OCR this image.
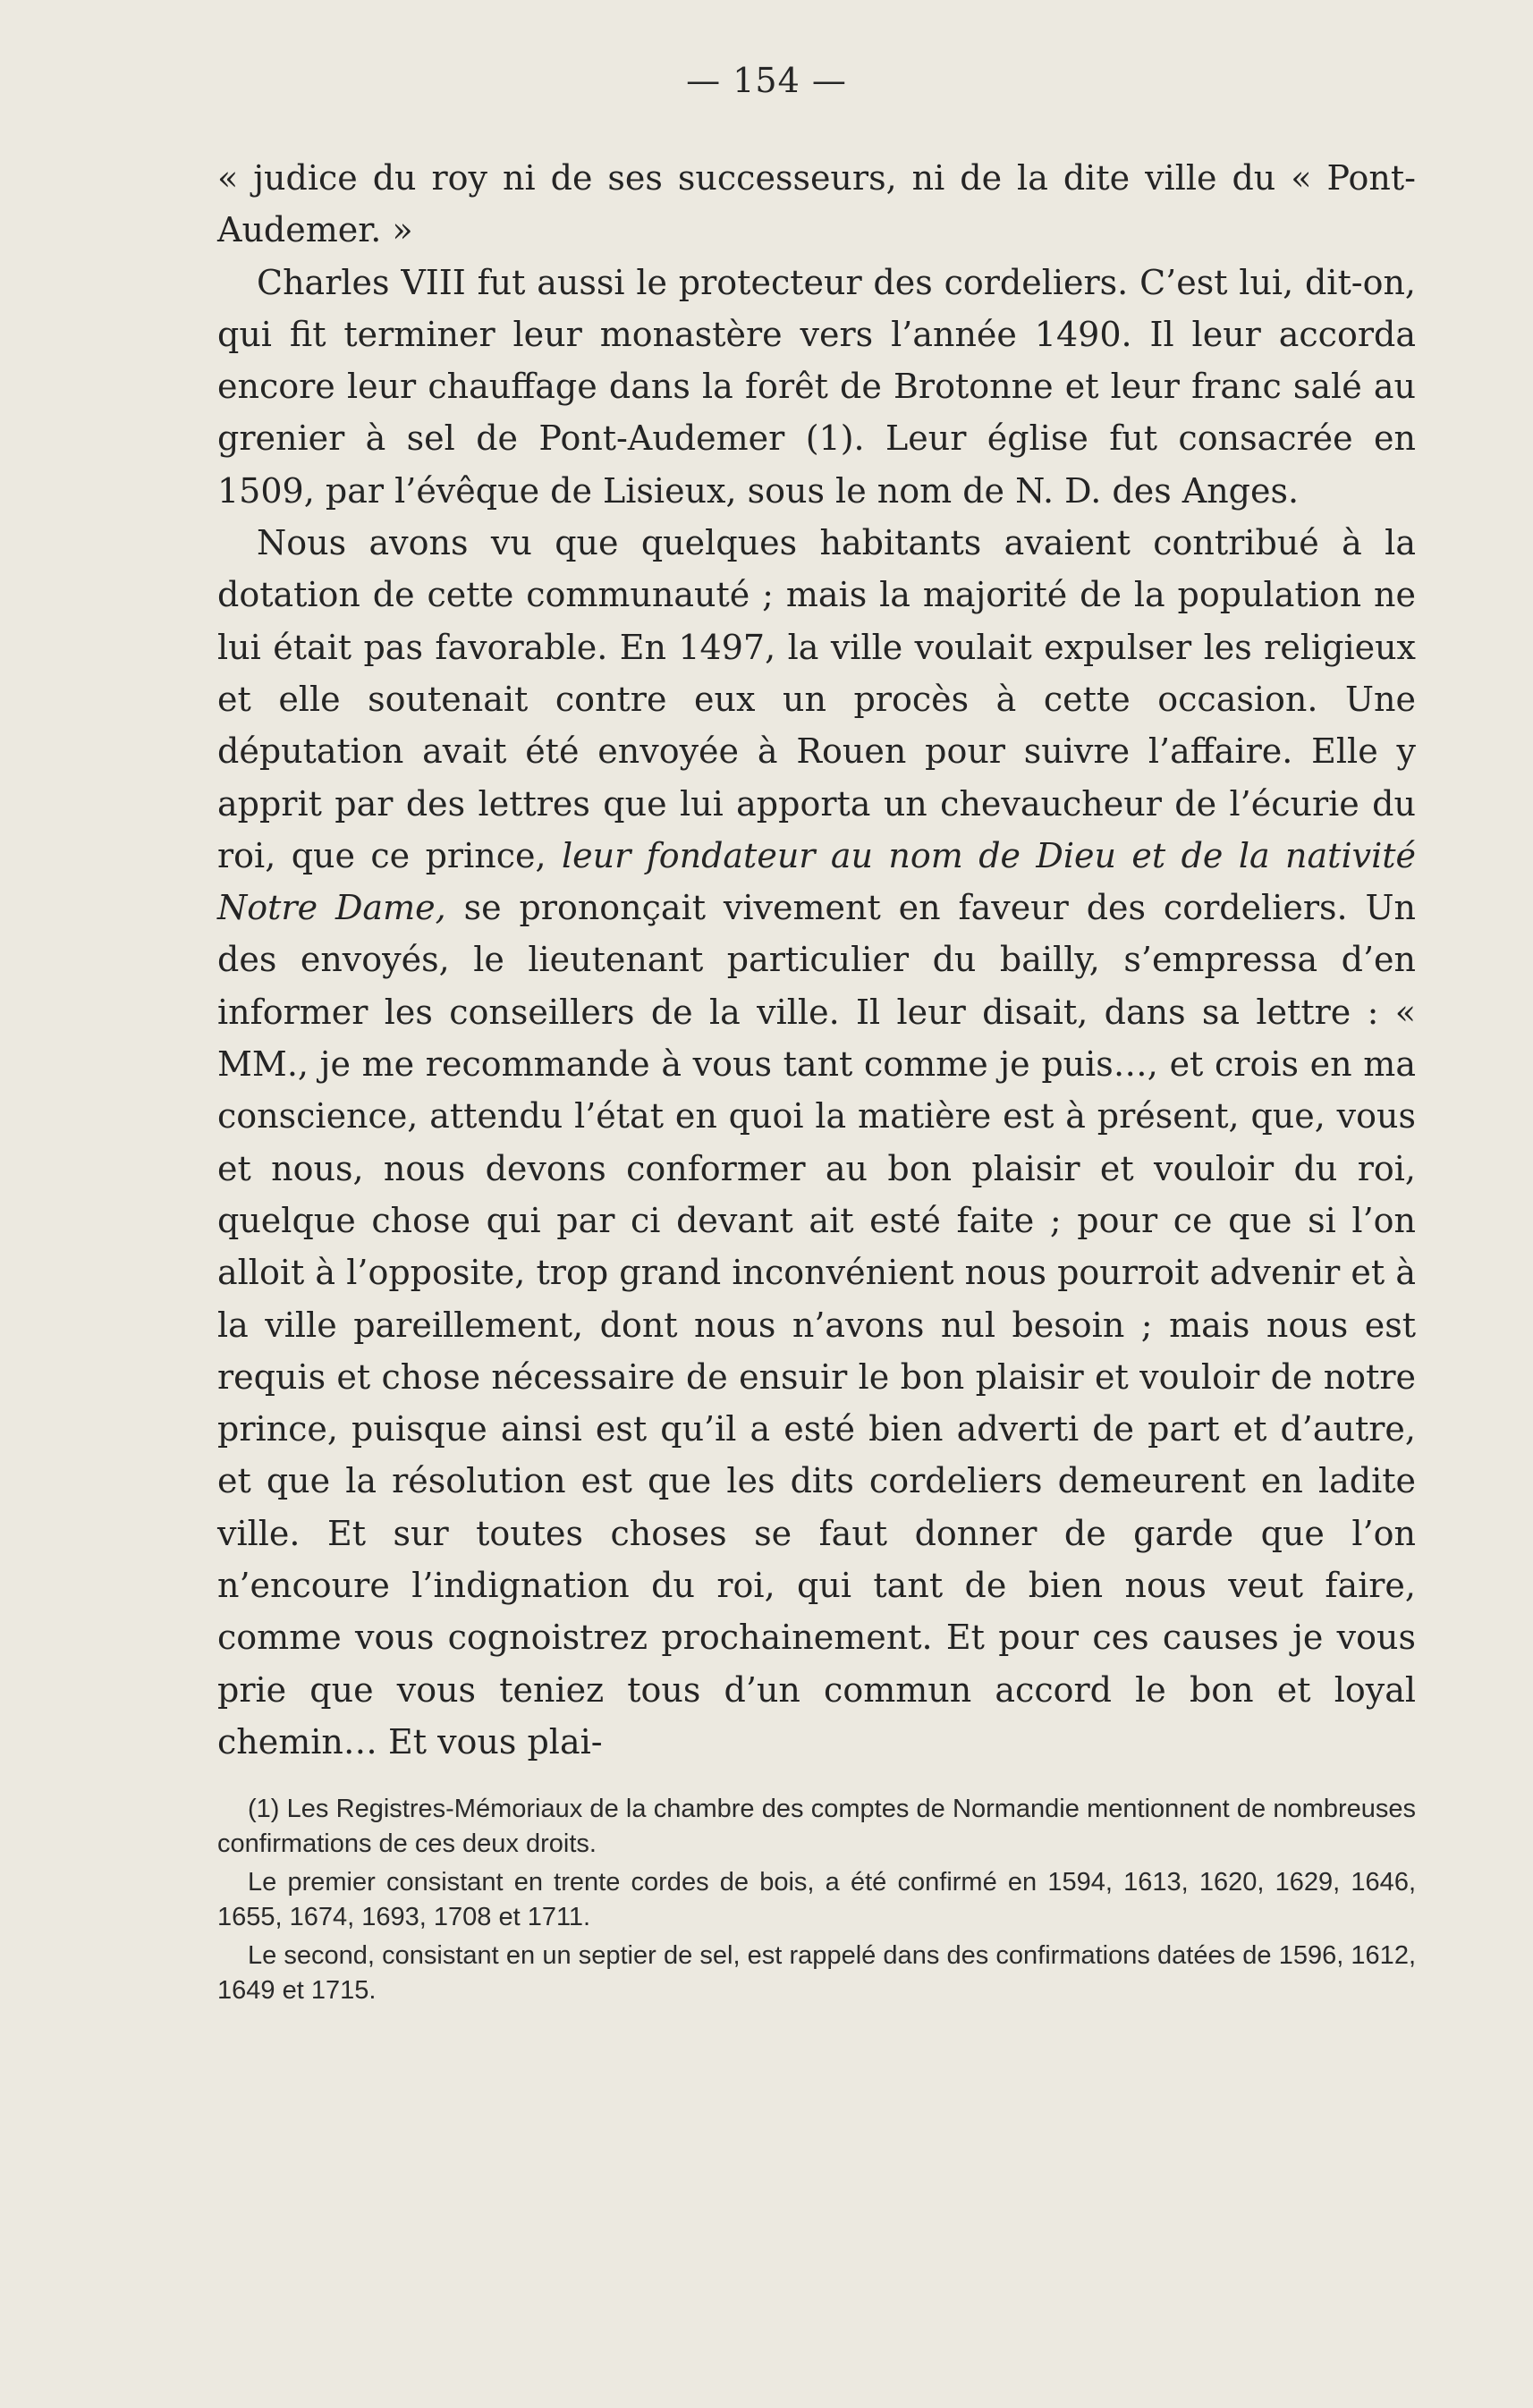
— 154 —

« judice du roy ni de ses successeurs, ni de la dite ville du « Pont-Audemer. »

Charles VIII fut aussi le protecteur des cordeliers. C’est lui, dit-on, qui fit terminer leur monastère vers l’année 1490. Il leur accorda encore leur chauffage dans la forêt de Brotonne et leur franc salé au grenier à sel de Pont-Audemer (1). Leur église fut consacrée en 1509, par l’évêque de Lisieux, sous le nom de N. D. des Anges.

Nous avons vu que quelques habitants avaient contribué à la dotation de cette communauté ; mais la majorité de la population ne lui était pas favorable. En 1497, la ville voulait expulser les religieux et elle soutenait contre eux un procès à cette occasion. Une députation avait été envoyée à Rouen pour suivre l’affaire. Elle y apprit par des lettres que lui apporta un chevaucheur de l’écurie du roi, que ce prince, leur fondateur au nom de Dieu et de la nativité Notre Dame, se prononçait vivement en faveur des cordeliers. Un des envoyés, le lieutenant particulier du bailly, s’empressa d’en informer les conseillers de la ville. Il leur disait, dans sa lettre : « MM., je me recommande à vous tant comme je puis…, et crois en ma conscience, attendu l’état en quoi la matière est à présent, que, vous et nous, nous devons conformer au bon plaisir et vouloir du roi, quelque chose qui par ci devant ait esté faite ; pour ce que si l’on alloit à l’opposite, trop grand inconvénient nous pourroit advenir et à la ville pareillement, dont nous n’avons nul besoin ; mais nous est requis et chose nécessaire de ensuir le bon plaisir et vouloir de notre prince, puisque ainsi est qu’il a esté bien adverti de part et d’autre, et que la résolution est que les dits cordeliers demeurent en ladite ville. Et sur toutes choses se faut donner de garde que l’on n’encoure l’indignation du roi, qui tant de bien nous veut faire, comme vous cognoistrez prochainement. Et pour ces causes je vous prie que vous teniez tous d’un commun accord le bon et loyal chemin… Et vous plai-

(1) Les Registres-Mémoriaux de la chambre des comptes de Normandie mentionnent de nombreuses confirmations de ces deux droits.

Le premier consistant en trente cordes de bois, a été confirmé en 1594, 1613, 1620, 1629, 1646, 1655, 1674, 1693, 1708 et 1711.

Le second, consistant en un septier de sel, est rappelé dans des confirmations datées de 1596, 1612, 1649 et 1715.
